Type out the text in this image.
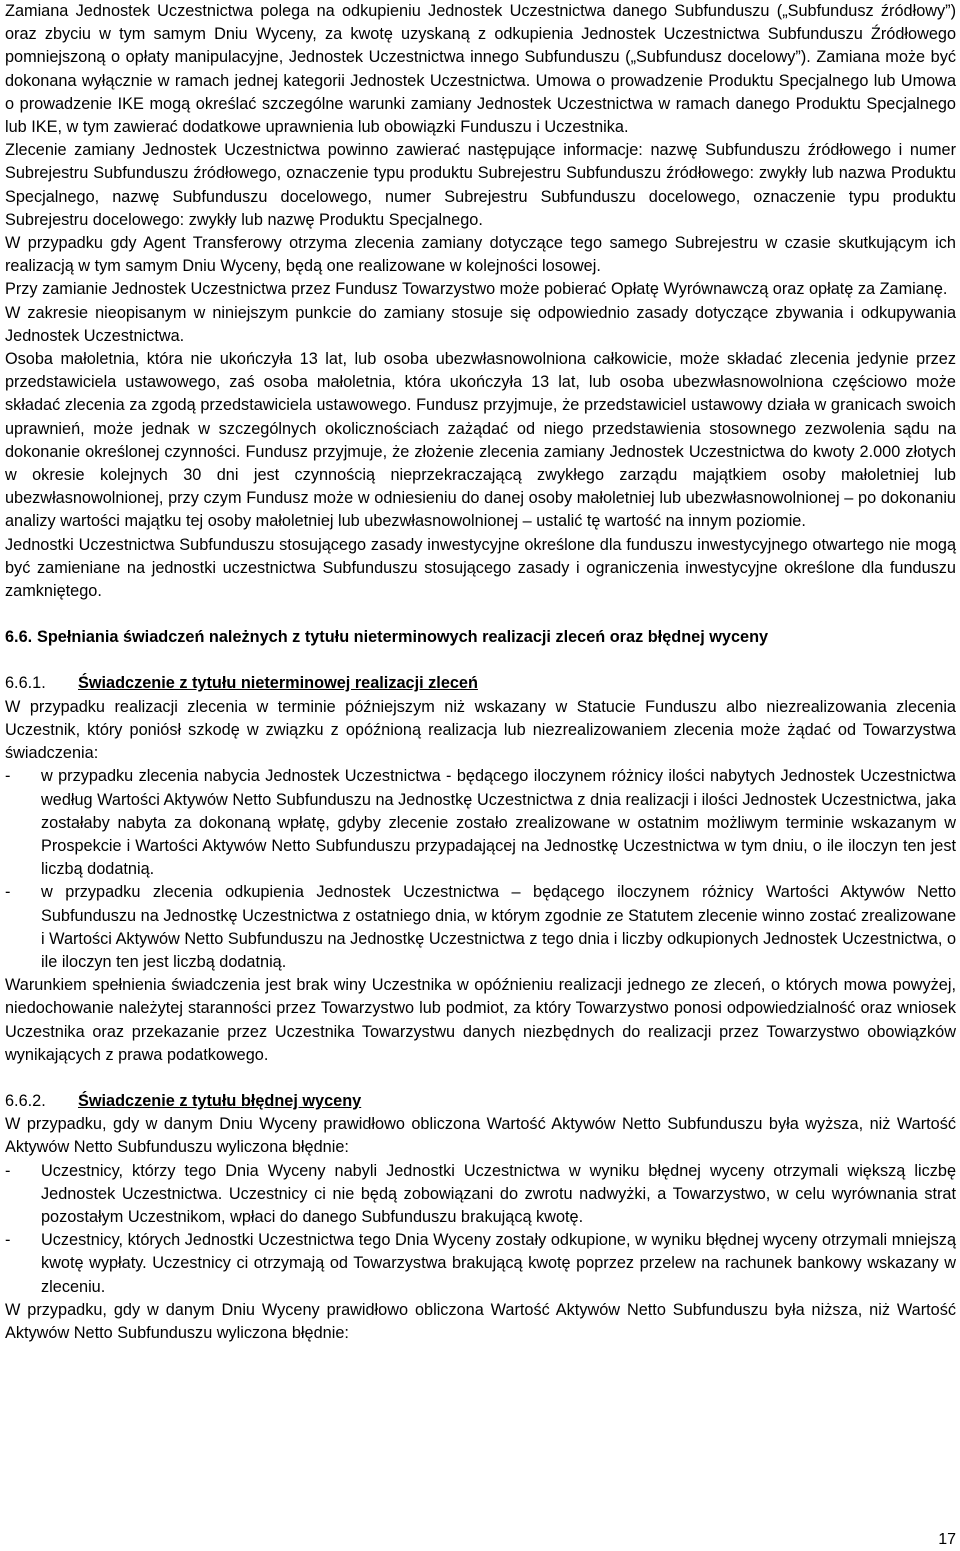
Zamiana Jednostek Uczestnictwa polega na odkupieniu Jednostek Uczestnictwa danego Subfunduszu („Subfundusz źródłowy”) oraz zbyciu w tym samym Dniu Wyceny, za kwotę uzyskaną z odkupienia Jednostek Uczestnictwa Subfunduszu Źródłowego pomniejszoną o opłaty manipulacyjne, Jednostek Uczestnictwa innego Subfunduszu („Subfundusz docelowy”). Zamiana może być dokonana wyłącznie w ramach jednej kategorii Jednostek Uczestnictwa. Umowa o prowadzenie Produktu Specjalnego lub Umowa o prowadzenie IKE mogą określać szczególne warunki zamiany Jednostek Uczestnictwa w ramach danego Produktu Specjalnego lub IKE, w tym zawierać dodatkowe uprawnienia lub obowiązki Funduszu i Uczestnika.

Zlecenie zamiany Jednostek Uczestnictwa powinno zawierać następujące informacje: nazwę Subfunduszu źródłowego i numer Subrejestru Subfunduszu źródłowego, oznaczenie typu produktu Subrejestru Subfunduszu źródłowego: zwykły lub nazwa Produktu Specjalnego, nazwę Subfunduszu docelowego, numer Subrejestru Subfunduszu docelowego, oznaczenie typu produktu Subrejestru docelowego: zwykły lub nazwę Produktu Specjalnego.

W przypadku gdy Agent Transferowy otrzyma zlecenia zamiany dotyczące tego samego Subrejestru w czasie skutkującym ich realizacją w tym samym Dniu Wyceny, będą one realizowane w kolejności losowej.

Przy zamianie Jednostek Uczestnictwa przez Fundusz Towarzystwo może pobierać Opłatę Wyrównawczą oraz opłatę za Zamianę.

W zakresie nieopisanym w niniejszym punkcie do zamiany stosuje się odpowiednio zasady dotyczące zbywania i odkupywania Jednostek Uczestnictwa.

Osoba małoletnia, która nie ukończyła 13 lat, lub osoba ubezwłasnowolniona całkowicie, może składać zlecenia jedynie przez przedstawiciela ustawowego, zaś osoba małoletnia, która ukończyła 13 lat, lub osoba ubezwłasnowolniona częściowo może składać zlecenia za zgodą przedstawiciela ustawowego. Fundusz przyjmuje, że przedstawiciel ustawowy działa w granicach swoich uprawnień, może jednak w szczególnych okolicznościach zażądać od niego przedstawienia stosownego zezwolenia sądu na dokonanie określonej czynności. Fundusz przyjmuje, że złożenie zlecenia zamiany Jednostek Uczestnictwa do kwoty 2.000 złotych w okresie kolejnych 30 dni jest czynnością nieprzekraczającą zwykłego zarządu majątkiem osoby małoletniej lub ubezwłasnowolnionej, przy czym Fundusz może w odniesieniu do danej osoby małoletniej lub ubezwłasnowolnionej – po dokonaniu analizy wartości majątku tej osoby małoletniej lub ubezwłasnowolnionej – ustalić tę wartość na innym poziomie.

Jednostki Uczestnictwa Subfunduszu stosującego zasady inwestycyjne określone dla funduszu inwestycyjnego otwartego nie mogą być zamieniane na jednostki uczestnictwa Subfunduszu stosującego zasady i ograniczenia inwestycyjne określone dla funduszu zamkniętego.

6.6. Spełniania świadczeń należnych z tytułu nieterminowych realizacji zleceń oraz błędnej wyceny
6.6.1.	Świadczenie z tytułu nieterminowej realizacji zleceń

W przypadku realizacji zlecenia w terminie późniejszym niż wskazany w Statucie Funduszu albo niezrealizowania zlecenia Uczestnik, który poniósł szkodę w związku z opóźnioną realizacja lub niezrealizowaniem zlecenia może żądać od Towarzystwa świadczenia:

-	w przypadku zlecenia nabycia Jednostek Uczestnictwa - będącego iloczynem różnicy ilości nabytych Jednostek Uczestnictwa według Wartości Aktywów Netto Subfunduszu na Jednostkę Uczestnictwa z dnia realizacji i ilości Jednostek Uczestnictwa, jaka zostałaby nabyta za dokonaną wpłatę, gdyby zlecenie zostało zrealizowane w ostatnim możliwym terminie wskazanym w Prospekcie i Wartości Aktywów Netto Subfunduszu przypadającej na Jednostkę Uczestnictwa w tym dniu, o ile iloczyn ten jest liczbą dodatnią.
-	w przypadku zlecenia odkupienia Jednostek Uczestnictwa – będącego iloczynem różnicy Wartości Aktywów Netto Subfunduszu na Jednostkę Uczestnictwa z ostatniego dnia, w którym zgodnie ze Statutem zlecenie winno zostać zrealizowane i Wartości Aktywów Netto Subfunduszu na Jednostkę Uczestnictwa z tego dnia i liczby odkupionych Jednostek Uczestnictwa, o ile iloczyn ten jest liczbą dodatnią.

Warunkiem spełnienia świadczenia jest brak winy Uczestnika w opóźnieniu realizacji jednego ze zleceń, o których mowa powyżej, niedochowanie należytej staranności przez Towarzystwo lub podmiot, za który Towarzystwo ponosi odpowiedzialność oraz wniosek Uczestnika oraz przekazanie przez Uczestnika Towarzystwu danych niezbędnych do realizacji przez Towarzystwo obowiązków wynikających z prawa podatkowego.

6.6.2.	Świadczenie z tytułu błędnej wyceny

W przypadku, gdy w danym Dniu Wyceny prawidłowo obliczona Wartość Aktywów Netto Subfunduszu była wyższa, niż Wartość Aktywów Netto Subfunduszu wyliczona błędnie:

-	Uczestnicy, którzy tego Dnia Wyceny nabyli Jednostki Uczestnictwa w wyniku błędnej wyceny otrzymali większą liczbę Jednostek Uczestnictwa. Uczestnicy ci nie będą zobowiązani do zwrotu nadwyżki, a Towarzystwo, w celu wyrównania strat pozostałym Uczestnikom, wpłaci do danego Subfunduszu brakującą kwotę.
-	Uczestnicy, których Jednostki Uczestnictwa tego Dnia Wyceny zostały odkupione, w wyniku błędnej wyceny otrzymali mniejszą kwotę wypłaty. Uczestnicy ci otrzymają od Towarzystwa brakującą kwotę poprzez przelew na rachunek bankowy wskazany w zleceniu.

W przypadku, gdy w danym Dniu Wyceny prawidłowo obliczona Wartość Aktywów Netto Subfunduszu była niższa, niż Wartość Aktywów Netto Subfunduszu wyliczona błędnie:

17
